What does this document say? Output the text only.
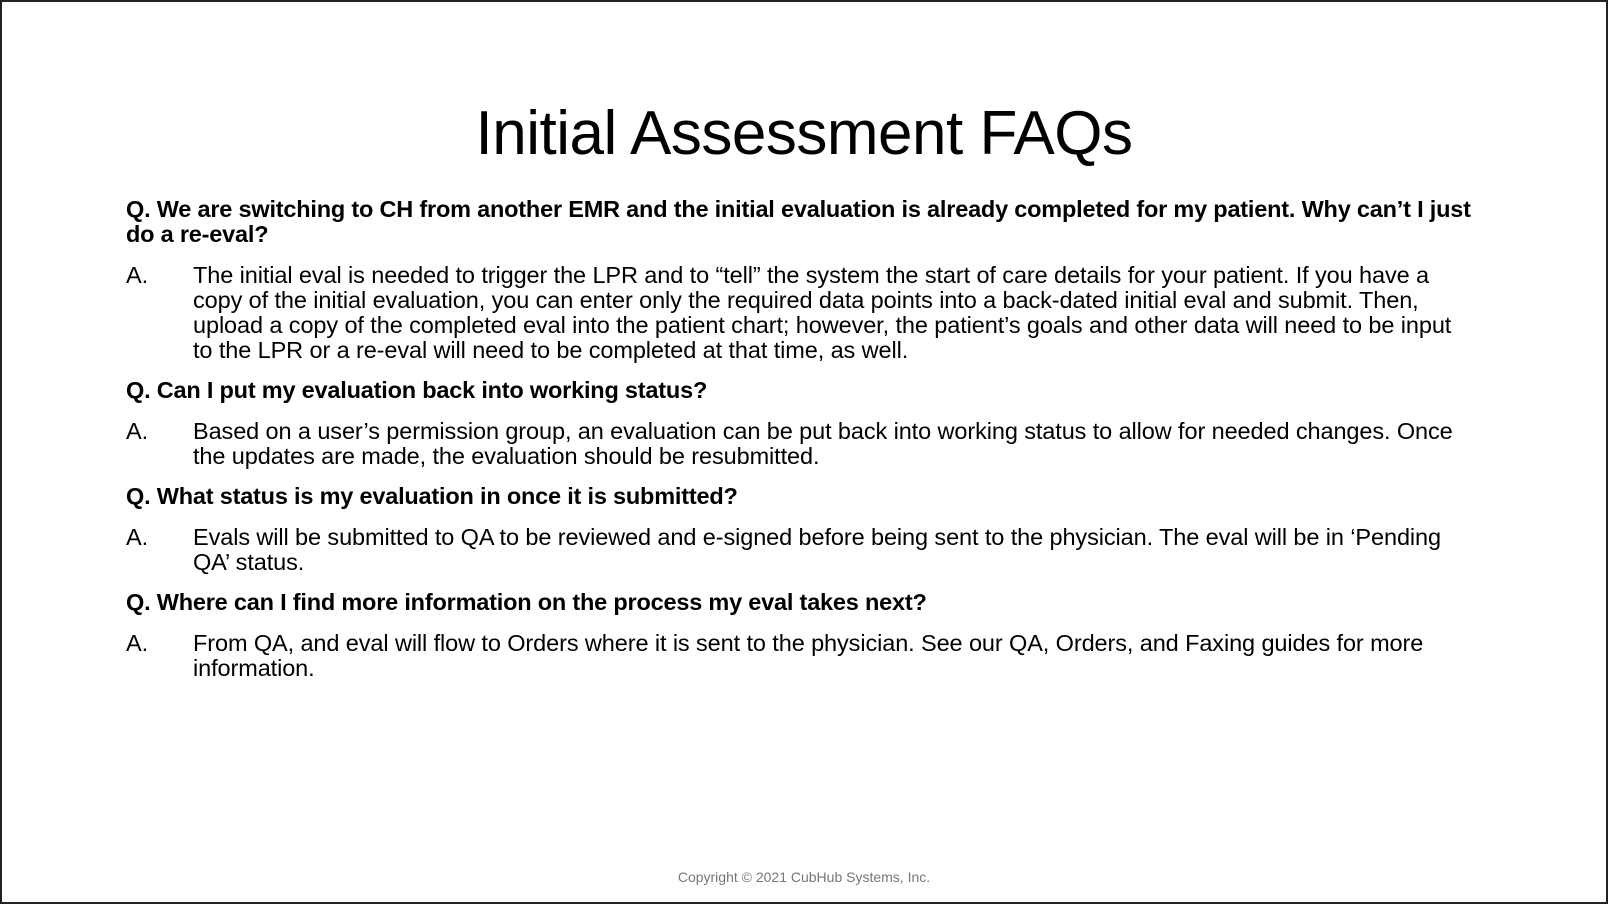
Initial Assessment FAQs

Q. We are switching to CH from another EMR and the initial evaluation is already completed for my patient. Why can’t I just do a re-eval?

A.	The initial eval is needed to trigger the LPR and to “tell” the system the start of care details for your patient. If you have a copy of the initial evaluation, you can enter only the required data points into a back-dated initial eval and submit. Then, upload a copy of the completed eval into the patient chart; however, the patient’s goals and other data will need to be input to the LPR or a re-eval will need to be completed at that time, as well.

Q. Can I put my evaluation back into working status?

A.	Based on a user’s permission group, an evaluation can be put back into working status to allow for needed changes. Once the updates are made, the evaluation should be resubmitted.

Q. What status is my evaluation in once it is submitted?

A.	Evals will be submitted to QA to be reviewed and e-signed before being sent to the physician. The eval will be in ‘Pending QA’ status.

Q. Where can I find more information on the process my eval takes next?

A.	From QA, and eval will flow to Orders where it is sent to the physician. See our QA, Orders, and Faxing guides for more information.
Copyright © 2021 CubHub Systems, Inc.
